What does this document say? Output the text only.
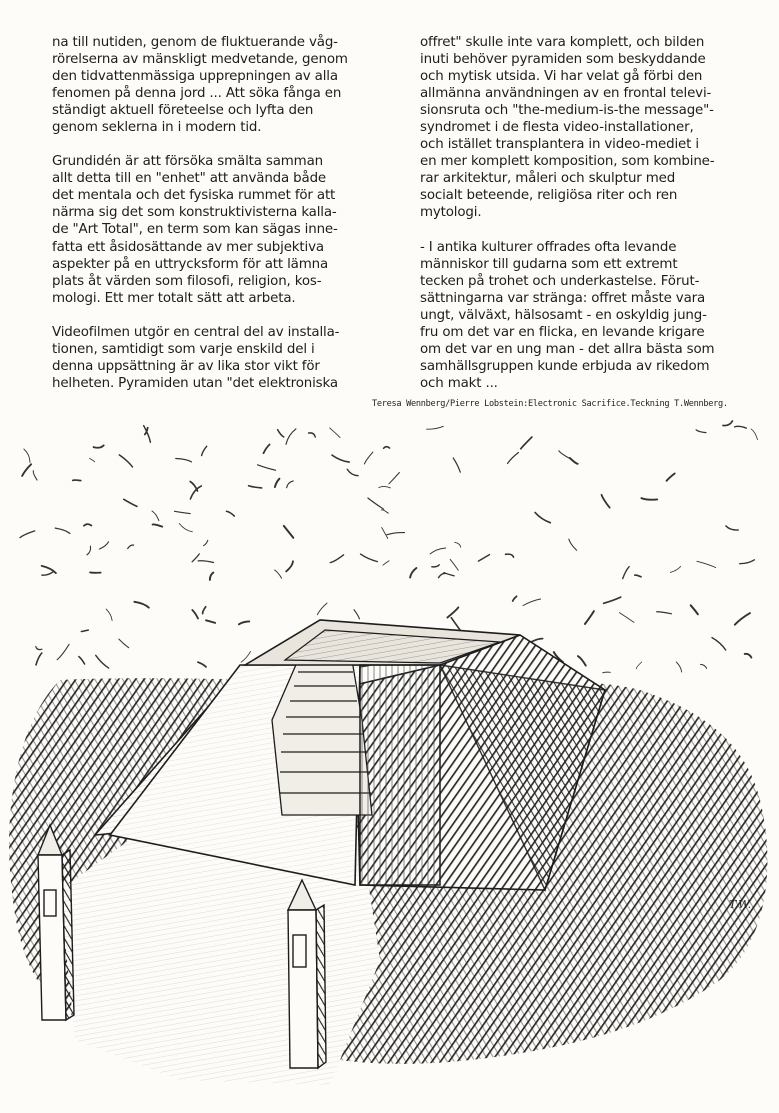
na till nutiden, genom de fluktuerande våg-
rörelserna av mänskligt medvetande, genom
den tidvattenmässiga upprepningen av alla
fenomen på denna jord ... Att söka fånga en
ständigt aktuell företeelse och lyfta den
genom seklerna in i modern tid.

Grundidén är att försöka smälta samman
allt detta till en "enhet" att använda både
det mentala och det fysiska rummet för att
närma sig det som konstruktivisterna kalla-
de "Art Total", en term som kan sägas inne-
fatta ett åsidosättande av mer subjektiva
aspekter på en uttrycksform för att lämna
plats åt värden som filosofi, religion, kos-
mologi. Ett mer totalt sätt att arbeta.

Videofilmen utgör en central del av installa-
tionen, samtidigt som varje enskild del i
denna uppsättning är av lika stor vikt för
helheten. Pyramiden utan "det elektroniska

offret" skulle inte vara komplett, och bilden
inuti behöver pyramiden som beskyddande
och mytisk utsida. Vi har velat gå förbi den
allmänna användningen av en frontal televi-
sionsruta och "the-medium-is-the message"-
syndromet i de flesta video-installationer,
och istället transplantera in video-mediet i
en mer komplett komposition, som kombine-
rar arkitektur, måleri och skulptur med
socialt beteende, religiösa riter och ren
mytologi.

- I antika kulturer offrades ofta levande
människor till gudarna som ett extremt
tecken på trohet och underkastelse. Förut-
sättningarna var stränga: offret måste vara
ungt, välväxt, hälsosamt - en oskyldig jung-
fru om det var en flicka, en levande krigare
om det var en ung man - det allra bästa som
samhällsgruppen kunde erbjuda av rikedom
och makt ...

Teresa Wennberg/Pierre Lobstein:Electronic Sacrifice.Teckning T.Wennberg.
T.W.
